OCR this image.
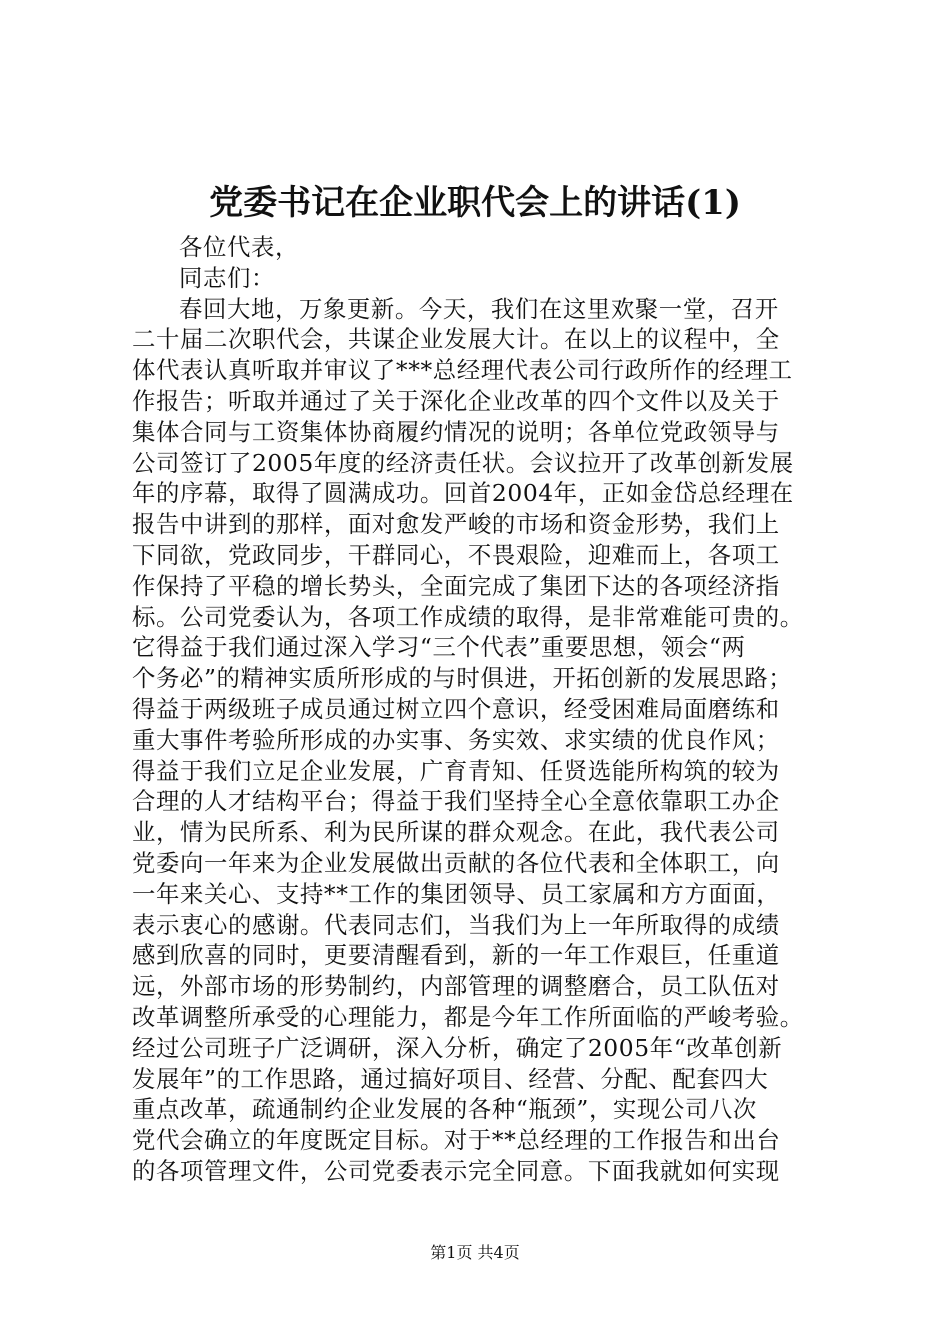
党委书记在企业职代会上的讲话(1)
各位代表，
同志们：
春回大地，万象更新。今天，我们在这里欢聚一堂，召开
二十届二次职代会，共谋企业发展大计。在以上的议程中，全
体代表认真听取并审议了***总经理代表公司行政所作的经理工
作报告；听取并通过了关于深化企业改革的四个文件以及关于
集体合同与工资集体协商履约情况的说明；各单位党政领导与
公司签订了2005年度的经济责任状。会议拉开了改革创新发展
年的序幕，取得了圆满成功。回首2004年，正如金岱总经理在
报告中讲到的那样，面对愈发严峻的市场和资金形势，我们上
下同欲，党政同步，干群同心，不畏艰险，迎难而上，各项工
作保持了平稳的增长势头，全面完成了集团下达的各项经济指
标。公司党委认为，各项工作成绩的取得，是非常难能可贵的。
它得益于我们通过深入学习“三个代表”重要思想，领会“两
个务必”的精神实质所形成的与时俱进，开拓创新的发展思路；
得益于两级班子成员通过树立四个意识，经受困难局面磨练和
重大事件考验所形成的办实事、务实效、求实绩的优良作风；
得益于我们立足企业发展，广育青知、任贤选能所构筑的较为
合理的人才结构平台；得益于我们坚持全心全意依靠职工办企
业，情为民所系、利为民所谋的群众观念。在此，我代表公司
党委向一年来为企业发展做出贡献的各位代表和全体职工，向
一年来关心、支持**工作的集团领导、员工家属和方方面面，
表示衷心的感谢。代表同志们，当我们为上一年所取得的成绩
感到欣喜的同时，更要清醒看到，新的一年工作艰巨，任重道
远，外部市场的形势制约，内部管理的调整磨合，员工队伍对
改革调整所承受的心理能力，都是今年工作所面临的严峻考验。
经过公司班子广泛调研，深入分析，确定了2005年“改革创新
发展年”的工作思路，通过搞好项目、经营、分配、配套四大
重点改革，疏通制约企业发展的各种“瓶颈”，实现公司八次
党代会确立的年度既定目标。对于**总经理的工作报告和出台
的各项管理文件，公司党委表示完全同意。下面我就如何实现
第1页 共4页
